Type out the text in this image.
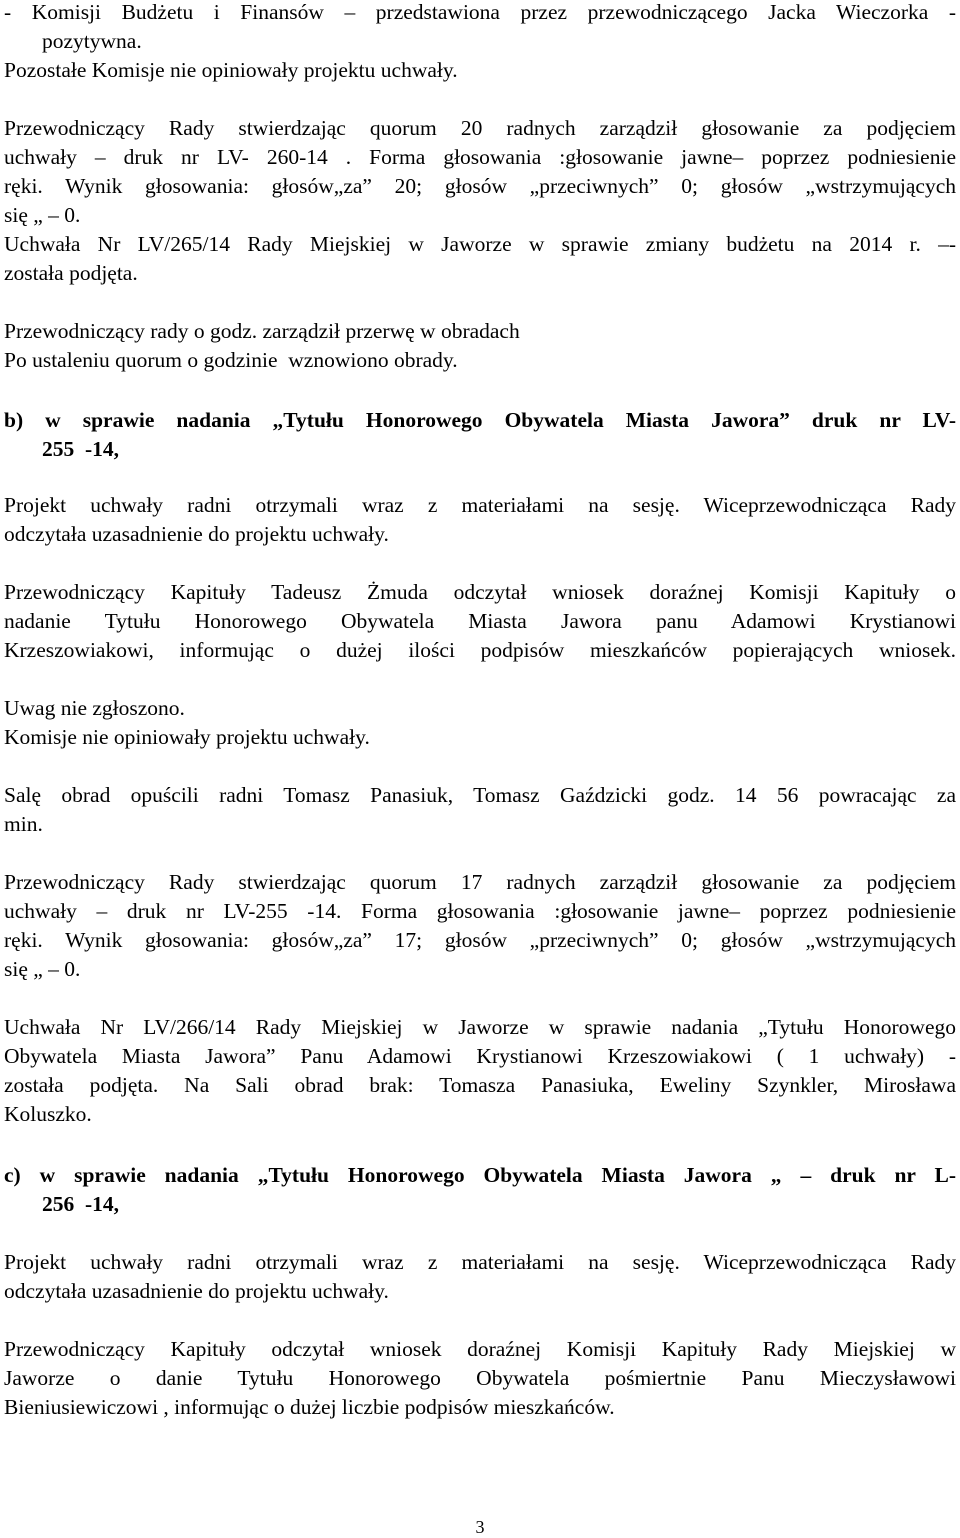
- Komisji Budżetu i Finansów – przedstawiona przez przewodniczącego Jacka Wieczorka -
pozytywna.
Pozostałe Komisje nie opiniowały projektu uchwały.
Przewodniczący Rady stwierdzając quorum 20 radnych zarządził głosowanie za podjęciem
uchwały – druk nr LV- 260-14 . Forma głosowania :głosowanie jawne– poprzez podniesienie
ręki. Wynik głosowania: głosów„za” 20; głosów „przeciwnych” 0; głosów „wstrzymujących
się „ – 0.
Uchwała Nr LV/265/14 Rady Miejskiej w Jaworze w sprawie zmiany budżetu na 2014 r. –-
została podjęta.
Przewodniczący rady o godz. zarządził przerwę w obradach
Po ustaleniu quorum o godzinie  wznowiono obrady.
b) w sprawie nadania „Tytułu Honorowego Obywatela Miasta Jawora” druk nr LV-
255  -14,
Projekt uchwały radni otrzymali wraz z materiałami na sesję. Wiceprzewodnicząca Rady
odczytała uzasadnienie do projektu uchwały.
Przewodniczący Kapituły Tadeusz Żmuda odczytał wniosek doraźnej Komisji Kapituły o
nadanie Tytułu Honorowego Obywatela Miasta Jawora panu Adamowi Krystianowi
Krzeszowiakowi, informując o dużej ilości podpisów mieszkańców popierających wniosek.
Uwag nie zgłoszono.
Komisje nie opiniowały projektu uchwały.
Salę obrad opuścili radni Tomasz Panasiuk, Tomasz Gaździcki godz. 14 56 powracając za
min.
Przewodniczący Rady stwierdzając quorum 17 radnych zarządził głosowanie za podjęciem
uchwały – druk nr LV-255 -14. Forma głosowania :głosowanie jawne– poprzez podniesienie
ręki. Wynik głosowania: głosów„za” 17; głosów „przeciwnych” 0; głosów „wstrzymujących
się „ – 0.
Uchwała Nr LV/266/14 Rady Miejskiej w Jaworze w sprawie nadania „Tytułu Honorowego
Obywatela Miasta Jawora” Panu Adamowi Krystianowi Krzeszowiakowi ( 1 uchwały) -
została podjęta. Na Sali obrad brak: Tomasza Panasiuka, Eweliny Szynkler, Mirosława
Koluszko.
c) w sprawie nadania „Tytułu Honorowego Obywatela Miasta Jawora „ – druk nr L-
256  -14,
Projekt uchwały radni otrzymali wraz z materiałami na sesję. Wiceprzewodnicząca Rady
odczytała uzasadnienie do projektu uchwały.
Przewodniczący Kapituły odczytał wniosek doraźnej Komisji Kapituły Rady Miejskiej w
Jaworze o danie Tytułu Honorowego Obywatela pośmiertnie Panu Mieczysławowi
Bieniusiewiczowi , informując o dużej liczbie podpisów mieszkańców.
3
